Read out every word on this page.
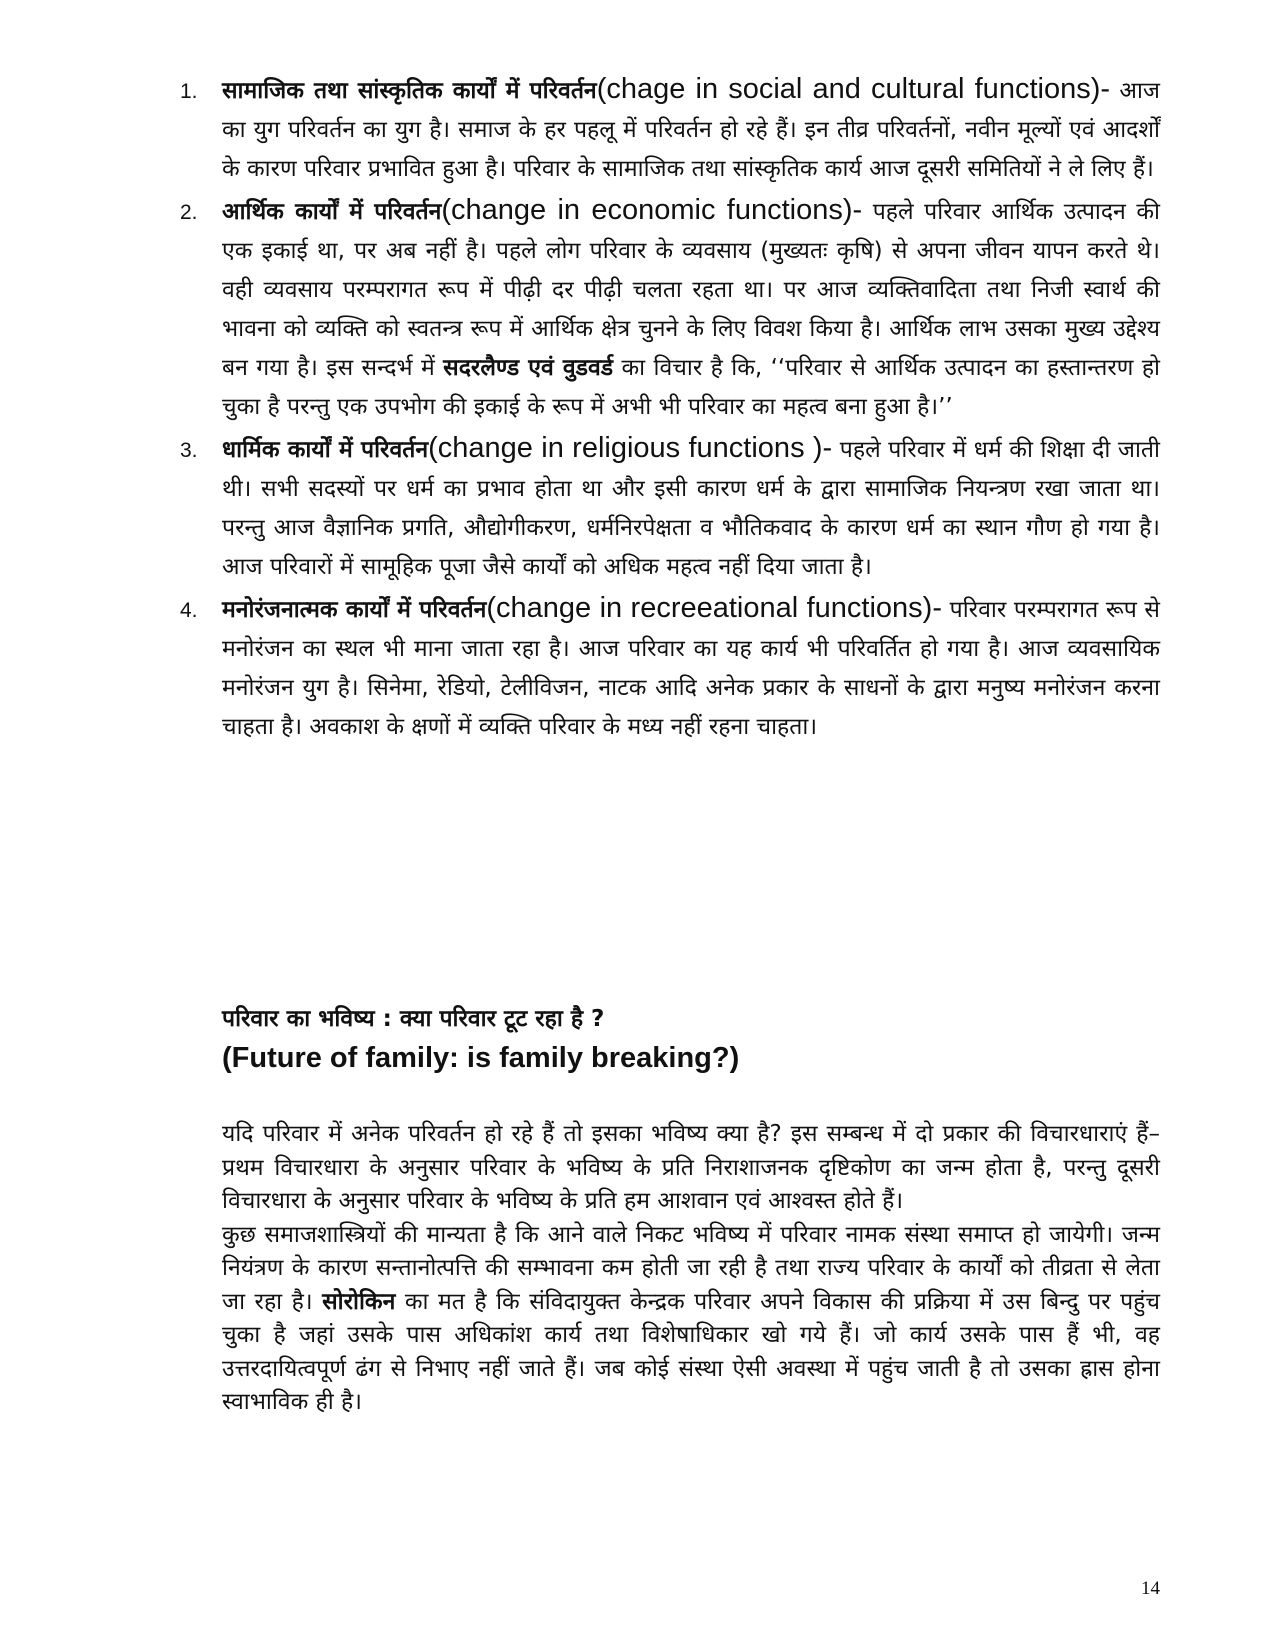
1.	सामाजिक तथा सांस्कृतिक कार्यों में परिवर्तन(chage in social and cultural functions)- आज का युग परिवर्तन का युग है। समाज के हर पहलू में परिवर्तन हो रहे हैं। इन तीव्र परिवर्तनों, नवीन मूल्यों एवं आदर्शों के कारण परिवार प्रभावित हुआ है। परिवार के सामाजिक तथा सांस्कृतिक कार्य आज दूसरी समितियों ने ले लिए हैं।
2.	आर्थिक कार्यों में परिवर्तन(change in economic functions)- पहले परिवार आर्थिक उत्पादन की एक इकाई था, पर अब नहीं है। पहले लोग परिवार के व्यवसाय (मुख्यतः कृषि) से अपना जीवन यापन करते थे। वही व्यवसाय परम्परागत रूप में पीढ़ी दर पीढ़ी चलता रहता था। पर आज व्यक्तिवादिता तथा निजी स्वार्थ की भावना को व्यक्ति को स्वतन्त्र रूप में आर्थिक क्षेत्र चुनने के लिए विवश किया है। आर्थिक लाभ उसका मुख्य उद्देश्य बन गया है। इस सन्दर्भ में सदरलैण्ड एवं वुडवर्ड का विचार है कि, ‘‘परिवार से आर्थिक उत्पादन का हस्तान्तरण हो चुका है परन्तु एक उपभोग की इकाई के रूप में अभी भी परिवार का महत्व बना हुआ है।’’
3.	धार्मिक कार्यों में परिवर्तन(change in religious functions )- पहले परिवार में धर्म की शिक्षा दी जाती थी। सभी सदस्यों पर धर्म का प्रभाव होता था और इसी कारण धर्म के द्वारा सामाजिक नियन्त्रण रखा जाता था। परन्तु आज वैज्ञानिक प्रगति, औद्योगीकरण, धर्मनिरपेक्षता व भौतिकवाद के कारण धर्म का स्थान गौण हो गया है। आज परिवारों में सामूहिक पूजा जैसे कार्यों को अधिक महत्व नहीं दिया जाता है।
4.	मनोरंजनात्मक कार्यों में परिवर्तन(change in recreeational functions)- परिवार परम्परागत रूप से मनोरंजन का स्थल भी माना जाता रहा है। आज परिवार का यह कार्य भी परिवर्तित हो गया है। आज व्यवसायिक मनोरंजन युग है। सिनेमा, रेडियो, टेलीविजन, नाटक आदि अनेक प्रकार के साधनों के द्वारा मनुष्य मनोरंजन करना चाहता है। अवकाश के क्षणों में व्यक्ति परिवार के मध्य नहीं रहना चाहता।
परिवार का भविष्य : क्या परिवार टूट रहा है ?
(Future of family: is family breaking?)

यदि परिवार में अनेक परिवर्तन हो रहे हैं तो इसका भविष्य क्या है? इस सम्बन्ध में दो प्रकार की विचारधाराएं हैं– प्रथम विचारधारा के अनुसार परिवार के भविष्य के प्रति निराशाजनक दृष्टिकोण का जन्म होता है, परन्तु दूसरी विचारधारा के अनुसार परिवार के भविष्य के प्रति हम आशवान एवं आश्वस्त होते हैं।

कुछ समाजशास्त्रियों की मान्यता है कि आने वाले निकट भविष्य में परिवार नामक संस्था समाप्त हो जायेगी। जन्म नियंत्रण के कारण सन्तानोत्पत्ति की सम्भावना कम होती जा रही है तथा राज्य परिवार के कार्यों को तीव्रता से लेता जा रहा है। सोरोकिन का मत है कि संविदायुक्त केन्द्रक परिवार अपने विकास की प्रक्रिया में उस बिन्दु पर पहुंच चुका है जहां उसके पास अधिकांश कार्य तथा विशेषाधिकार खो गये हैं। जो कार्य उसके पास हैं भी, वह उत्तरदायित्वपूर्ण ढंग से निभाए नहीं जाते हैं। जब कोई संस्था ऐसी अवस्था में पहुंच जाती है तो उसका ह्रास होना स्वाभाविक ही है।

14
